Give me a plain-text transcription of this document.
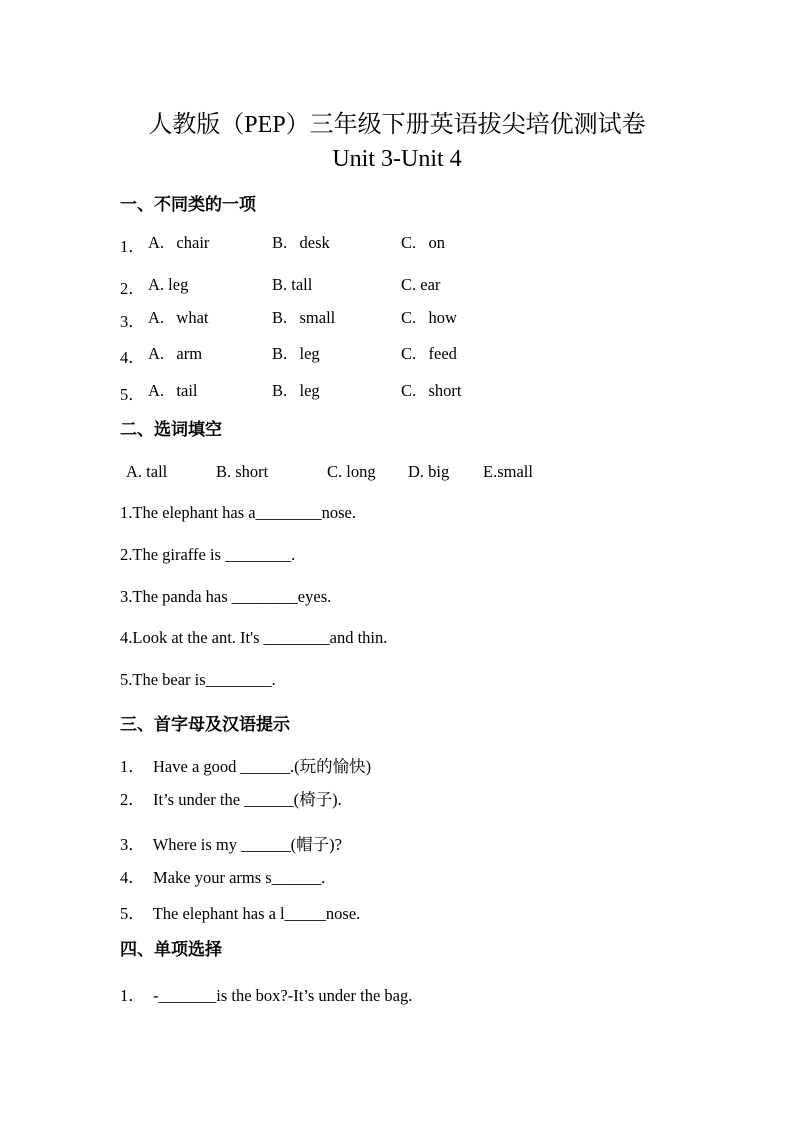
人教版（PEP）三年级下册英语拔尖培优测试卷
Unit 3-Unit 4
一、不同类的一项
1． A.   chair	B.   desk	C.   on
2． A. leg	B. tall	C. ear
3． A.   what	B.   small	C.   how
4． A.   arm	B.   leg	C.   feed
5． A.   tail	B.   leg	C.   short
二、选词填空
A. tall	B. short	C. long D. big E.small
1.The elephant has a________nose.
2.The giraffe is ________.
3.The panda has ________eyes.
4.Look at the ant. It's ________and thin.
5.The bear is________.
三、首字母及汉语提示
1．  Have a good ______.(玩的愉快)
2．  It’s under the ______(椅子).
3．  Where is my ______(帽子)?
4．  Make your arms s______.
5．  The elephant has a l_____nose.
四、单项选择
1．  -_______is the box?-It’s under the bag.
